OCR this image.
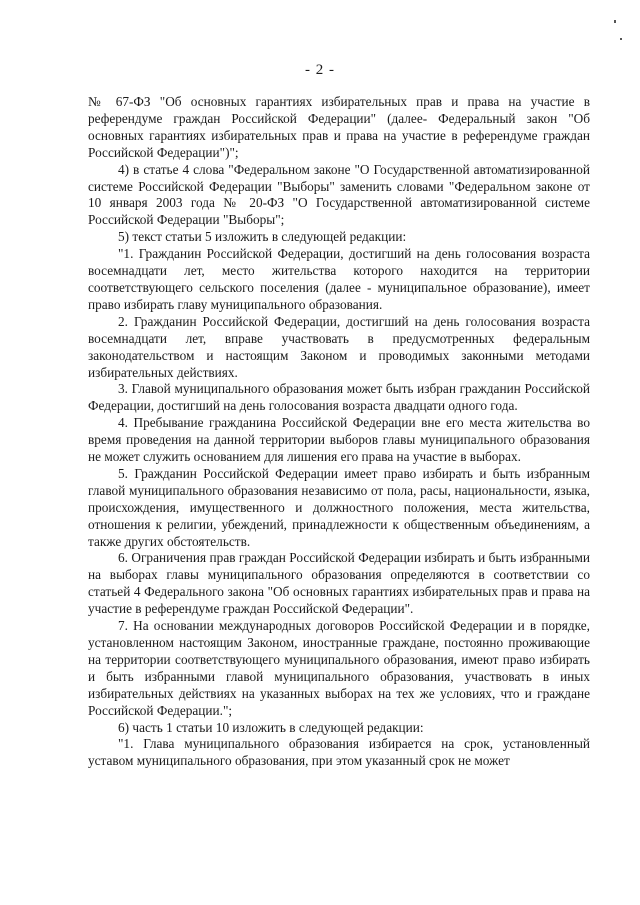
- 2 -

№ 67-ФЗ "Об основных гарантиях избирательных прав и права на участие в референдуме граждан Российской Федерации" (далее- Федеральный закон "Об основных гарантиях избирательных прав и права на участие в референдуме граждан Российской Федерации")";

4) в статье 4 слова "Федеральном законе "О Государственной автоматизированной системе Российской Федерации "Выборы" заменить словами "Федеральном законе от 10 января 2003 года № 20-ФЗ "О Государственной автоматизированной системе Российской Федерации "Выборы";

5) текст статьи 5 изложить в следующей редакции:

"1. Гражданин Российской Федерации, достигший на день голосования возраста восемнадцати лет, место жительства которого находится на территории соответствующего сельского поселения (далее - муниципальное образование), имеет право избирать главу муниципального образования.

2. Гражданин Российской Федерации, достигший на день голосования возраста восемнадцати лет, вправе участвовать в предусмотренных федеральным законодательством и настоящим Законом и проводимых законными методами избирательных действиях.

3. Главой муниципального образования может быть избран гражданин Российской Федерации, достигший на день голосования возраста двадцати одного года.

4. Пребывание гражданина Российской Федерации вне его места жительства во время проведения на данной территории выборов главы муниципального образования не может служить основанием для лишения его права на участие в выборах.

5. Гражданин Российской Федерации имеет право избирать и быть избранным главой муниципального образования независимо от пола, расы, национальности, языка, происхождения, имущественного и должностного положения, места жительства, отношения к религии, убеждений, принадлежности к общественным объединениям, а также других обстоятельств.

6. Ограничения прав граждан Российской Федерации избирать и быть избранными на выборах главы муниципального образования определяются в соответствии со статьей 4 Федерального закона "Об основных гарантиях избирательных прав и права на участие в референдуме граждан Российской Федерации".

7. На основании международных договоров Российской Федерации и в порядке, установленном настоящим Законом, иностранные граждане, постоянно проживающие на территории соответствующего муниципального образования, имеют право избирать и быть избранными главой муниципального образования, участвовать в иных избирательных действиях на указанных выборах на тех же условиях, что и граждане Российской Федерации.";

6) часть 1 статьи 10 изложить в следующей редакции:

"1. Глава муниципального образования избирается на срок, установленный уставом муниципального образования, при этом указанный срок не может
